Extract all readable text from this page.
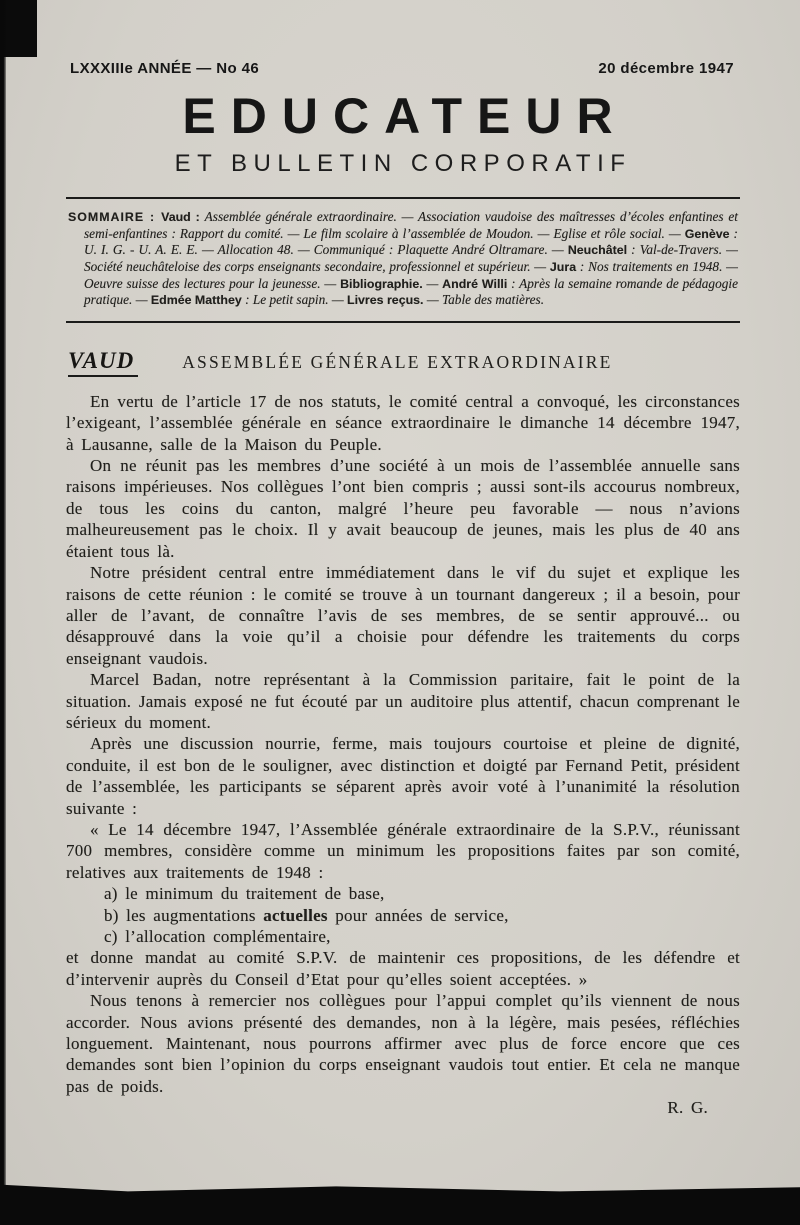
LXXXIIIe ANNÉE — No 46	20 décembre 1947
EDUCATEUR
ET BULLETIN CORPORATIF

SOMMAIRE : Vaud : Assemblée générale extraordinaire. — Association vaudoise des maîtresses d’écoles enfantines et semi-enfantines : Rapport du comité. — Le film scolaire à l’assemblée de Moudon. — Eglise et rôle social. — Genève : U. I. G. - U. A. E. E. — Allocation 48. — Communiqué : Plaquette André Oltramare. — Neuchâtel : Val-de-Travers. — Société neuchâteloise des corps enseignants secondaire, professionnel et supérieur. — Jura : Nos traitements en 1948. — Oeuvre suisse des lectures pour la jeunesse. — Bibliographie. — André Willi : Après la semaine romande de pédagogie pratique. — Edmée Matthey : Le petit sapin. — Livres reçus. — Table des matières.

VAUD	ASSEMBLÉE GÉNÉRALE EXTRAORDINAIRE

En vertu de l’article 17 de nos statuts, le comité central a convoqué, les circonstances l’exigeant, l’assemblée générale en séance extraordinaire le dimanche 14 décembre 1947, à Lausanne, salle de la Maison du Peuple.

On ne réunit pas les membres d’une société à un mois de l’assemblée annuelle sans raisons impérieuses. Nos collègues l’ont bien compris ; aussi sont-ils accourus nombreux, de tous les coins du canton, malgré l’heure peu favorable — nous n’avions malheureusement pas le choix. Il y avait beaucoup de jeunes, mais les plus de 40 ans étaient tous là.

Notre président central entre immédiatement dans le vif du sujet et explique les raisons de cette réunion : le comité se trouve à un tournant dangereux ; il a besoin, pour aller de l’avant, de connaître l’avis de ses membres, de se sentir approuvé... ou désapprouvé dans la voie qu’il a choisie pour défendre les traitements du corps enseignant vaudois.

Marcel Badan, notre représentant à la Commission paritaire, fait le point de la situation. Jamais exposé ne fut écouté par un auditoire plus attentif, chacun comprenant le sérieux du moment.

Après une discussion nourrie, ferme, mais toujours courtoise et pleine de dignité, conduite, il est bon de le souligner, avec distinction et doigté par Fernand Petit, président de l’assemblée, les participants se séparent après avoir voté à l’unanimité la résolution suivante :

« Le 14 décembre 1947, l’Assemblée générale extraordinaire de la S.P.V., réunissant 700 membres, considère comme un minimum les propositions faites par son comité, relatives aux traitements de 1948 :

a) le minimum du traitement de base,

b) les augmentations actuelles pour années de service,

c) l’allocation complémentaire,

et donne mandat au comité S.P.V. de maintenir ces propositions, de les défendre et d’intervenir auprès du Conseil d’Etat pour qu’elles soient acceptées. »

Nous tenons à remercier nos collègues pour l’appui complet qu’ils viennent de nous accorder. Nous avions présenté des demandes, non à la légère, mais pesées, réfléchies longuement. Maintenant, nous pourrons affirmer avec plus de force encore que ces demandes sont bien l’opinion du corps enseignant vaudois tout entier. Et cela ne manque pas de poids.

R. G.
